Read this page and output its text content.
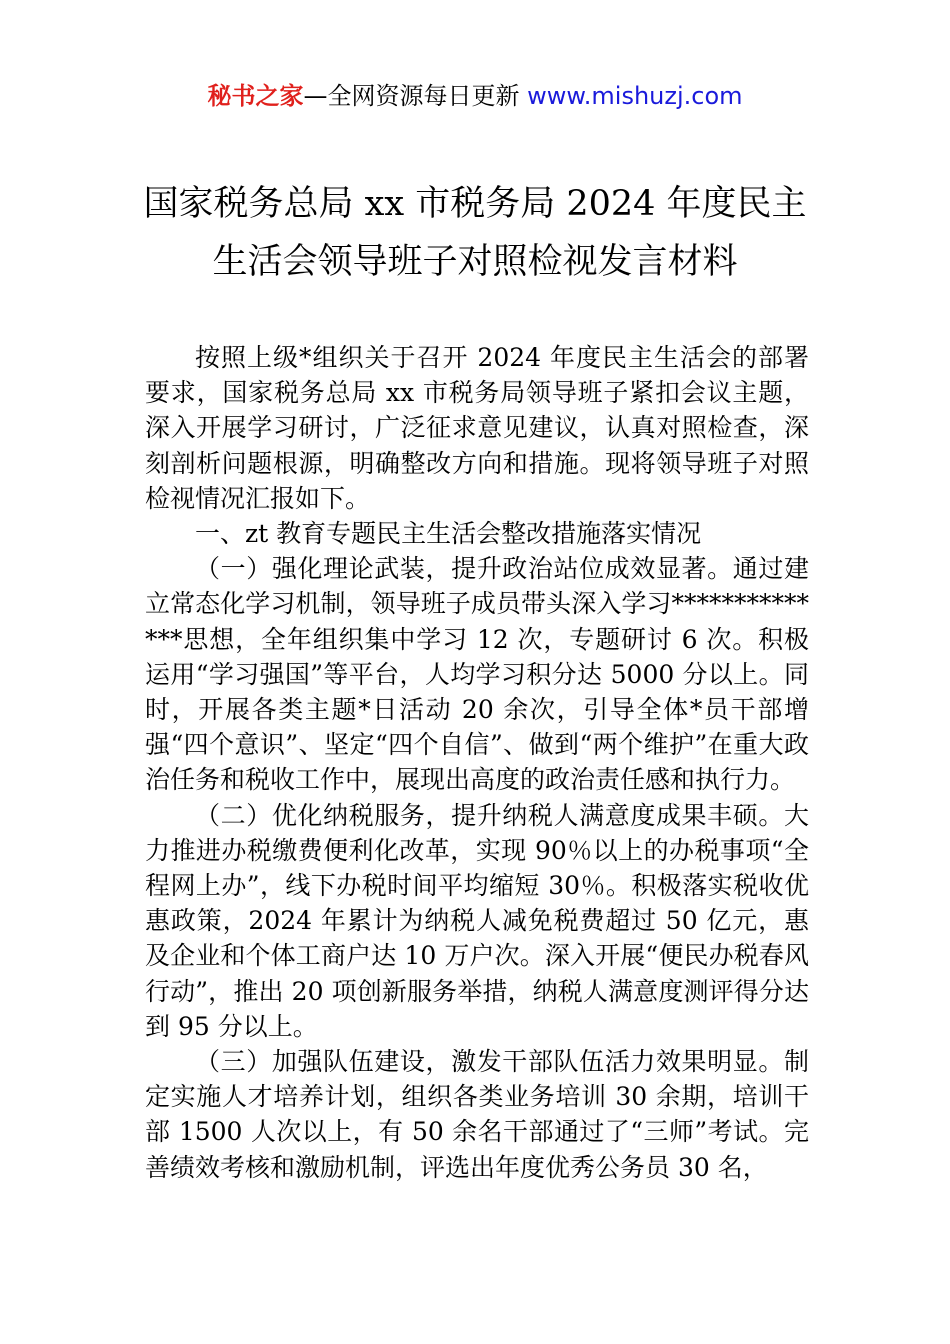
秘书之家—全网资源每日更新 www.mishuzj.com
国家税务总局 xx 市税务局 2024 年度民主
生活会领导班子对照检视发言材料

按照上级*组织关于召开 2024 年度民主生活会的部署要求，国家税务总局 xx 市税务局领导班子紧扣会议主题，深入开展学习研讨，广泛征求意见建议，认真对照检查，深刻剖析问题根源，明确整改方向和措施。现将领导班子对照检视情况汇报如下。

一、zt 教育专题民主生活会整改措施落实情况

（一）强化理论武装，提升政治站位成效显著。通过建立常态化学习机制，领导班子成员带头深入学习**************思想，全年组织集中学习 12 次，专题研讨 6 次。积极运用“学习强国”等平台，人均学习积分达 5000 分以上。同时，开展各类主题*日活动 20 余次，引导全体*员干部增强“四个意识”、坚定“四个自信”、做到“两个维护”在重大政治任务和税收工作中，展现出高度的政治责任感和执行力。

（二）优化纳税服务，提升纳税人满意度成果丰硕。大力推进办税缴费便利化改革，实现 90％以上的办税事项“全程网上办”，线下办税时间平均缩短 30％。积极落实税收优惠政策，2024 年累计为纳税人减免税费超过 50 亿元，惠及企业和个体工商户达 10 万户次。深入开展“便民办税春风行动”，推出 20 项创新服务举措，纳税人满意度测评得分达到 95 分以上。

（三）加强队伍建设，激发干部队伍活力效果明显。制定实施人才培养计划，组织各类业务培训 30 余期，培训干部 1500 人次以上，有 50 余名干部通过了“三师”考试。完善绩效考核和激励机制，评选出年度优秀公务员 30 名，
